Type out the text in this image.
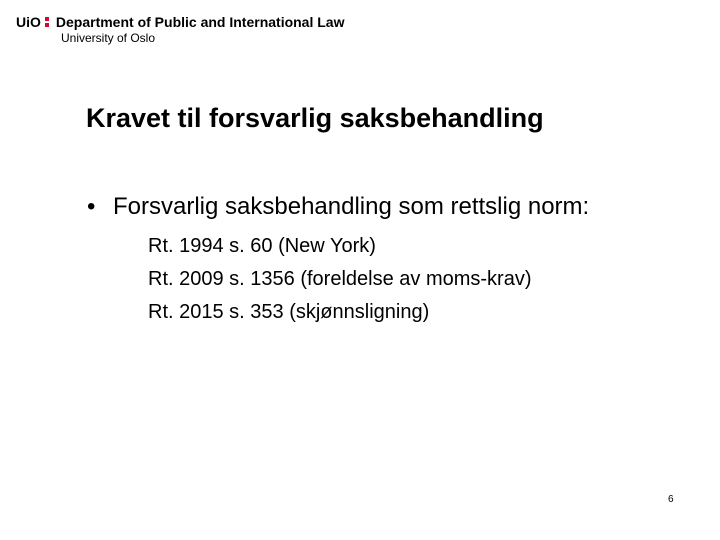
UiO Department of Public and International Law
University of Oslo
Kravet til forsvarlig saksbehandling
• Forsvarlig saksbehandling som rettslig norm:
Rt. 1994 s. 60 (New York)
Rt. 2009 s. 1356 (foreldelse av moms-krav)
Rt. 2015 s. 353 (skjønnsligning)
6
